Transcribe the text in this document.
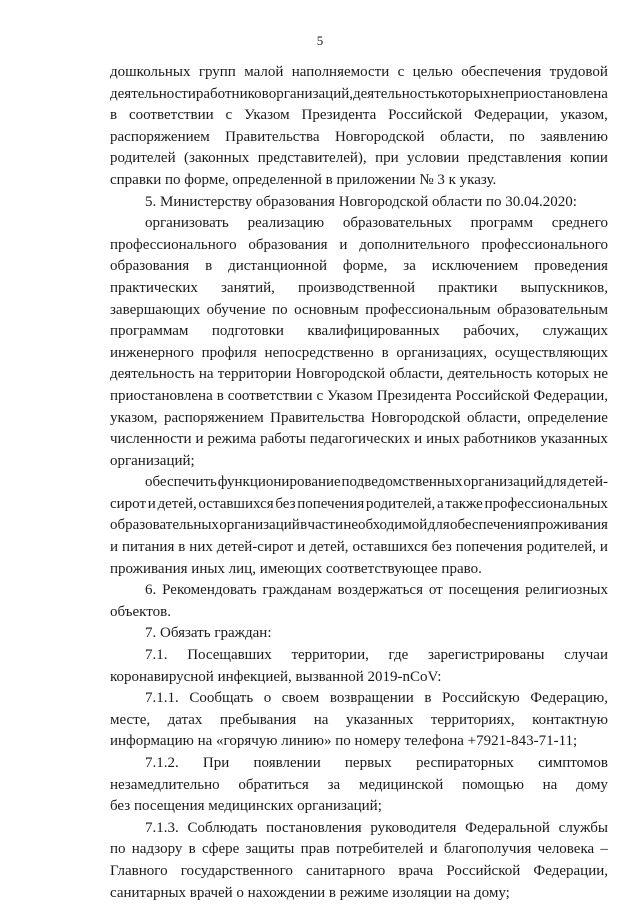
5
дошкольных групп малой наполняемости с целью обеспечения трудовой
деятельности работников организаций, деятельность которых не приостановлена
в соответствии с Указом Президента Российской Федерации, указом,
распоряжением Правительства Новгородской области, по заявлению
родителей (законных представителей), при условии представления копии
справки по форме, определенной в приложении № 3 к указу.
5. Министерству образования Новгородской области по 30.04.2020:
организовать реализацию образовательных программ среднего
профессионального образования и дополнительного профессионального
образования в дистанционной форме, за исключением проведения
практических занятий, производственной практики выпускников,
завершающих обучение по основным профессиональным образовательным
программам подготовки квалифицированных рабочих, служащих
инженерного профиля непосредственно в организациях, осуществляющих
деятельность на территории Новгородской области, деятельность которых не
приостановлена в соответствии с Указом Президента Российской Федерации,
указом, распоряжением Правительства Новгородской области, определение
численности и режима работы педагогических и иных работников указанных
организаций;
обеспечить функционирование подведомственных организаций для детей-
сирот и детей, оставшихся без попечения родителей, а также профессиональных
образовательных организаций в части необходимой для обеспечения проживания
и питания в них детей-сирот и детей, оставшихся без попечения родителей, и
проживания иных лиц, имеющих соответствующее право.
6. Рекомендовать гражданам воздержаться от посещения религиозных
объектов.
7. Обязать граждан:
7.1. Посещавших территории, где зарегистрированы случаи
коронавирусной инфекцией, вызванной 2019-nCoV:
7.1.1. Сообщать о своем возвращении в Российскую Федерацию,
месте, датах пребывания на указанных территориях, контактную
информацию на «горячую линию» по номеру телефона +7921-843-71-11;
7.1.2. При появлении первых респираторных симптомов
незамедлительно обратиться за медицинской помощью на дому
без посещения медицинских организаций;
7.1.3. Соблюдать постановления руководителя Федеральной службы
по надзору в сфере защиты прав потребителей и благополучия человека –
Главного государственного санитарного врача Российской Федерации,
санитарных врачей о нахождении в режиме изоляции на дому;
